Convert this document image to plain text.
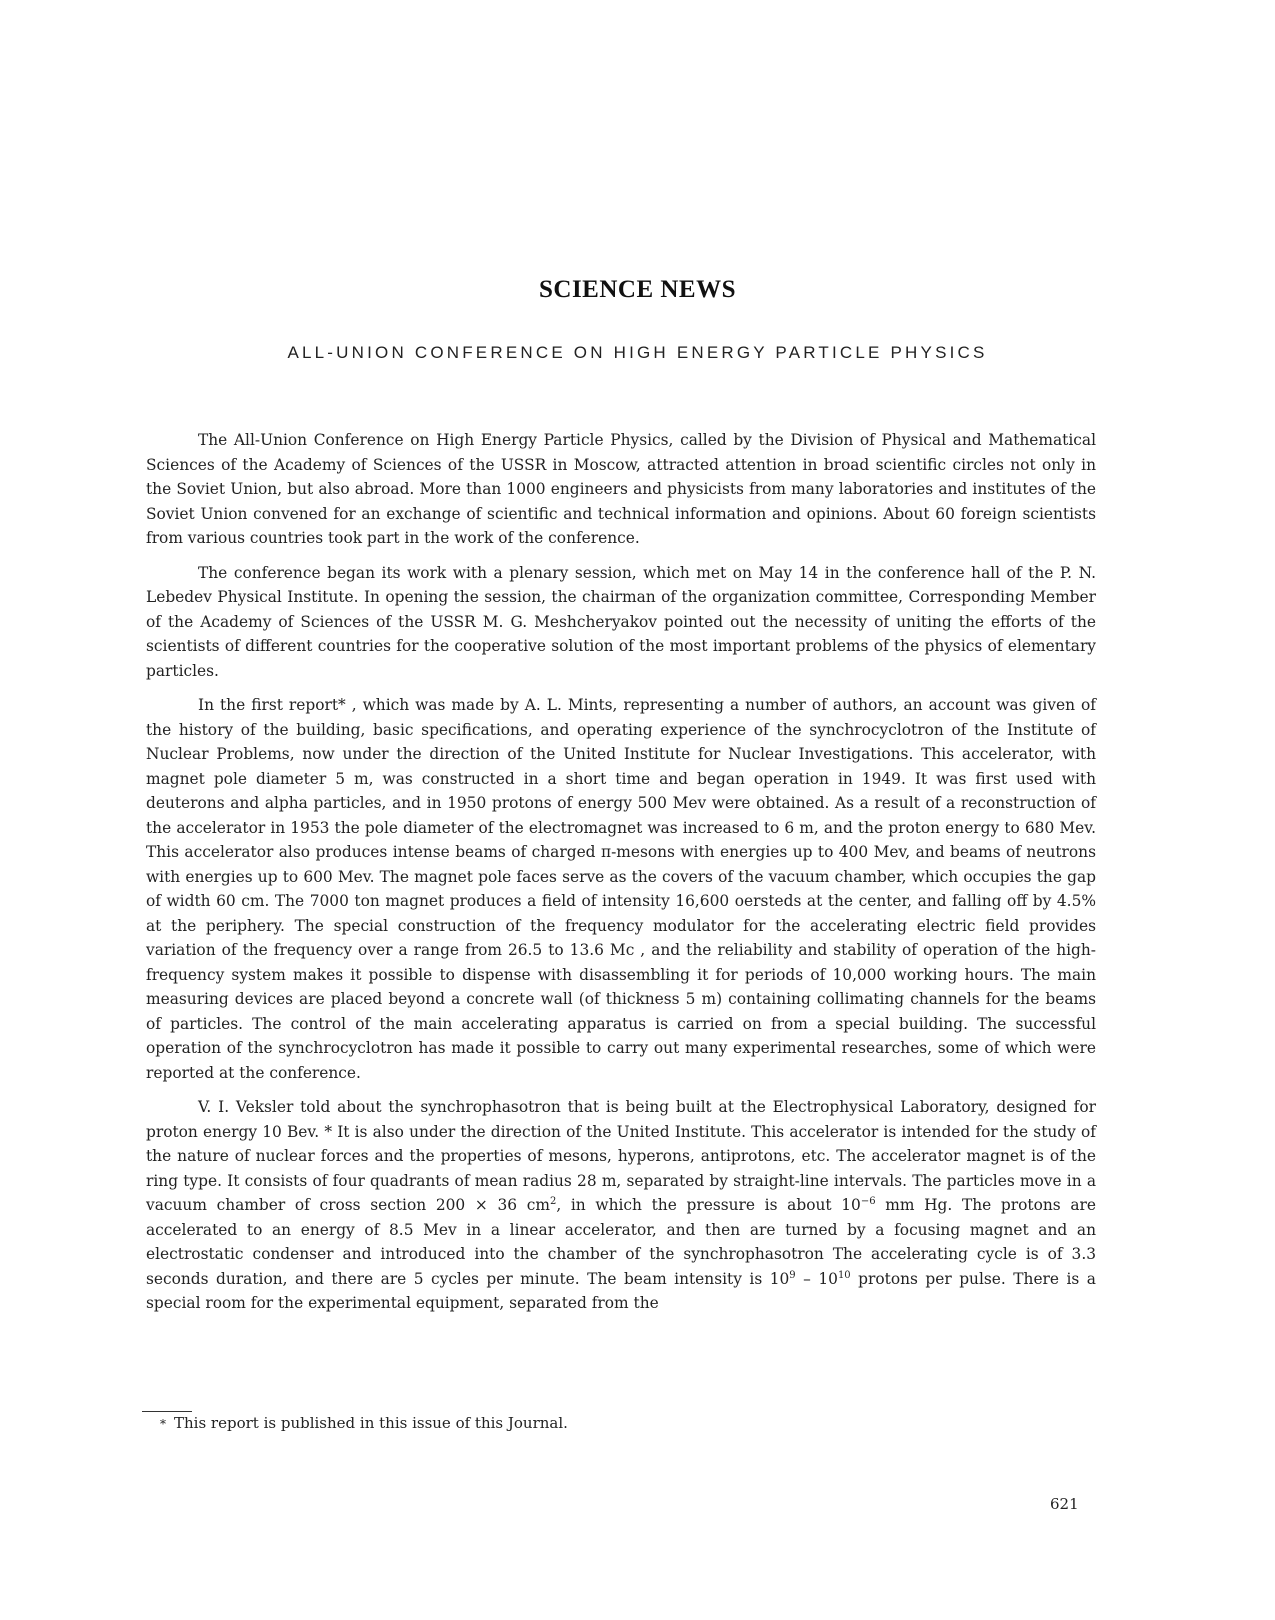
SCIENCE NEWS
ALL-UNION CONFERENCE ON HIGH ENERGY PARTICLE PHYSICS

The All-Union Conference on High Energy Particle Physics, called by the Division of Physical and Mathematical Sciences of the Academy of Sciences of the USSR in Moscow, attracted attention in broad scientific circles not only in the Soviet Union, but also abroad. More than 1000 engineers and physicists from many laboratories and institutes of the Soviet Union convened for an exchange of scientific and technical information and opinions. About 60 foreign scientists from various countries took part in the work of the conference.

The conference began its work with a plenary session, which met on May 14 in the conference hall of the P. N. Lebedev Physical Institute. In opening the session, the chairman of the organization committee, Corresponding Member of the Academy of Sciences of the USSR M. G. Meshcheryakov pointed out the necessity of uniting the efforts of the scientists of different countries for the cooperative solution of the most important problems of the physics of elementary particles.

In the first report* , which was made by A. L. Mints, representing a number of authors, an account was given of the history of the building, basic specifications, and operating experience of the synchrocyclotron of the Institute of Nuclear Problems, now under the direction of the United Institute for Nuclear Investigations. This accelerator, with magnet pole diameter 5 m, was constructed in a short time and began operation in 1949. It was first used with deuterons and alpha particles, and in 1950 protons of energy 500 Mev were obtained. As a result of a reconstruction of the accelerator in 1953 the pole diameter of the electromagnet was increased to 6 m, and the proton energy to 680 Mev. This accelerator also produces intense beams of charged π-mesons with energies up to 400 Mev, and beams of neutrons with energies up to 600 Mev. The magnet pole faces serve as the covers of the vacuum chamber, which occupies the gap of width 60 cm. The 7000 ton magnet produces a field of intensity 16,600 oersteds at the center, and falling off by 4.5% at the periphery. The special construction of the frequency modulator for the accelerating electric field provides variation of the frequency over a range from 26.5 to 13.6 Mc , and the reliability and stability of operation of the high-frequency system makes it possible to dispense with disassembling it for periods of 10,000 working hours. The main measuring devices are placed beyond a concrete wall (of thickness 5 m) containing collimating channels for the beams of particles. The control of the main accelerating apparatus is carried on from a special building. The successful operation of the synchrocyclotron has made it possible to carry out many experimental researches, some of which were reported at the conference.

V. I. Veksler told about the synchrophasotron that is being built at the Electrophysical Laboratory, designed for proton energy 10 Bev. * It is also under the direction of the United Institute. This accelerator is intended for the study of the nature of nuclear forces and the properties of mesons, hyperons, antiprotons, etc. The accelerator magnet is of the ring type. It consists of four quadrants of mean radius 28 m, separated by straight-line intervals. The particles move in a vacuum chamber of cross section 200 × 36 $cm^2$, in which the pressure is about $10^{-6}$ mm Hg. The protons are accelerated to an energy of 8.5 Mev in a linear accelerator, and then are turned by a focusing magnet and an electrostatic condenser and introduced into the chamber of the synchrophasotron The accelerating cycle is of 3.3 seconds duration, and there are 5 cycles per minute. The beam intensity is $10^9 - 10^{10}$ protons per pulse. There is a special room for the experimental equipment, separated from the

* This report is published in this issue of this Journal.
621
